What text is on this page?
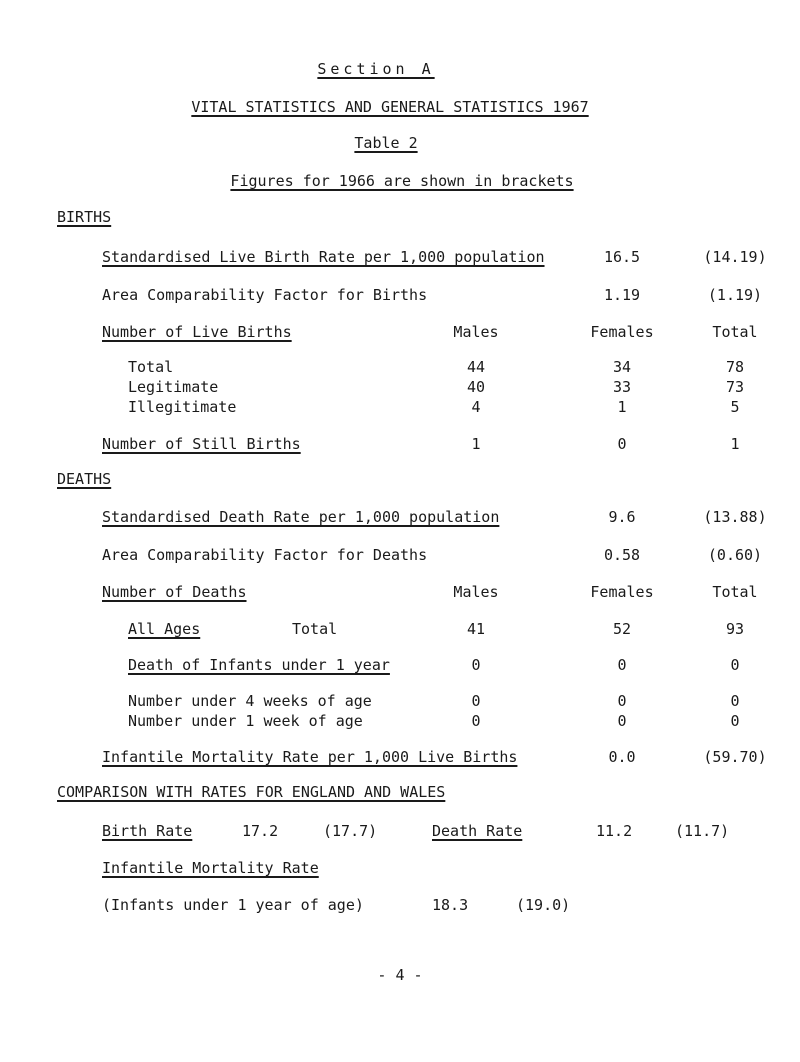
Section A
VITAL STATISTICS AND GENERAL STATISTICS 1967
Table 2
Figures for 1966 are shown in brackets
BIRTHS
Standardised Live Birth Rate per 1,000 population	16.5	(14.19)
Area Comparability Factor for Births	1.19	(1.19)
Number of Live Births	Males	Females	Total
Total	44	34	78
Legitimate	40	33	73
Illegitimate	4	1	5
Number of Still Births	1	0	1
DEATHS
Standardised Death Rate per 1,000 population	9.6	(13.88)
Area Comparability Factor for Deaths	0.58	(0.60)
Number of Deaths	Males	Females	Total
All Ages	Total	41	52	93
Death of Infants under 1 year	0	0	0
Number under 4 weeks of age	0	0	0
Number under 1 week of age	0	0	0
Infantile Mortality Rate per 1,000 Live Births	0.0	(59.70)
COMPARISON WITH RATES FOR ENGLAND AND WALES
Birth Rate	17.2	(17.7)	Death Rate	11.2	(11.7)
Infantile Mortality Rate
(Infants under 1 year of age)	18.3	(19.0)
- 4 -
